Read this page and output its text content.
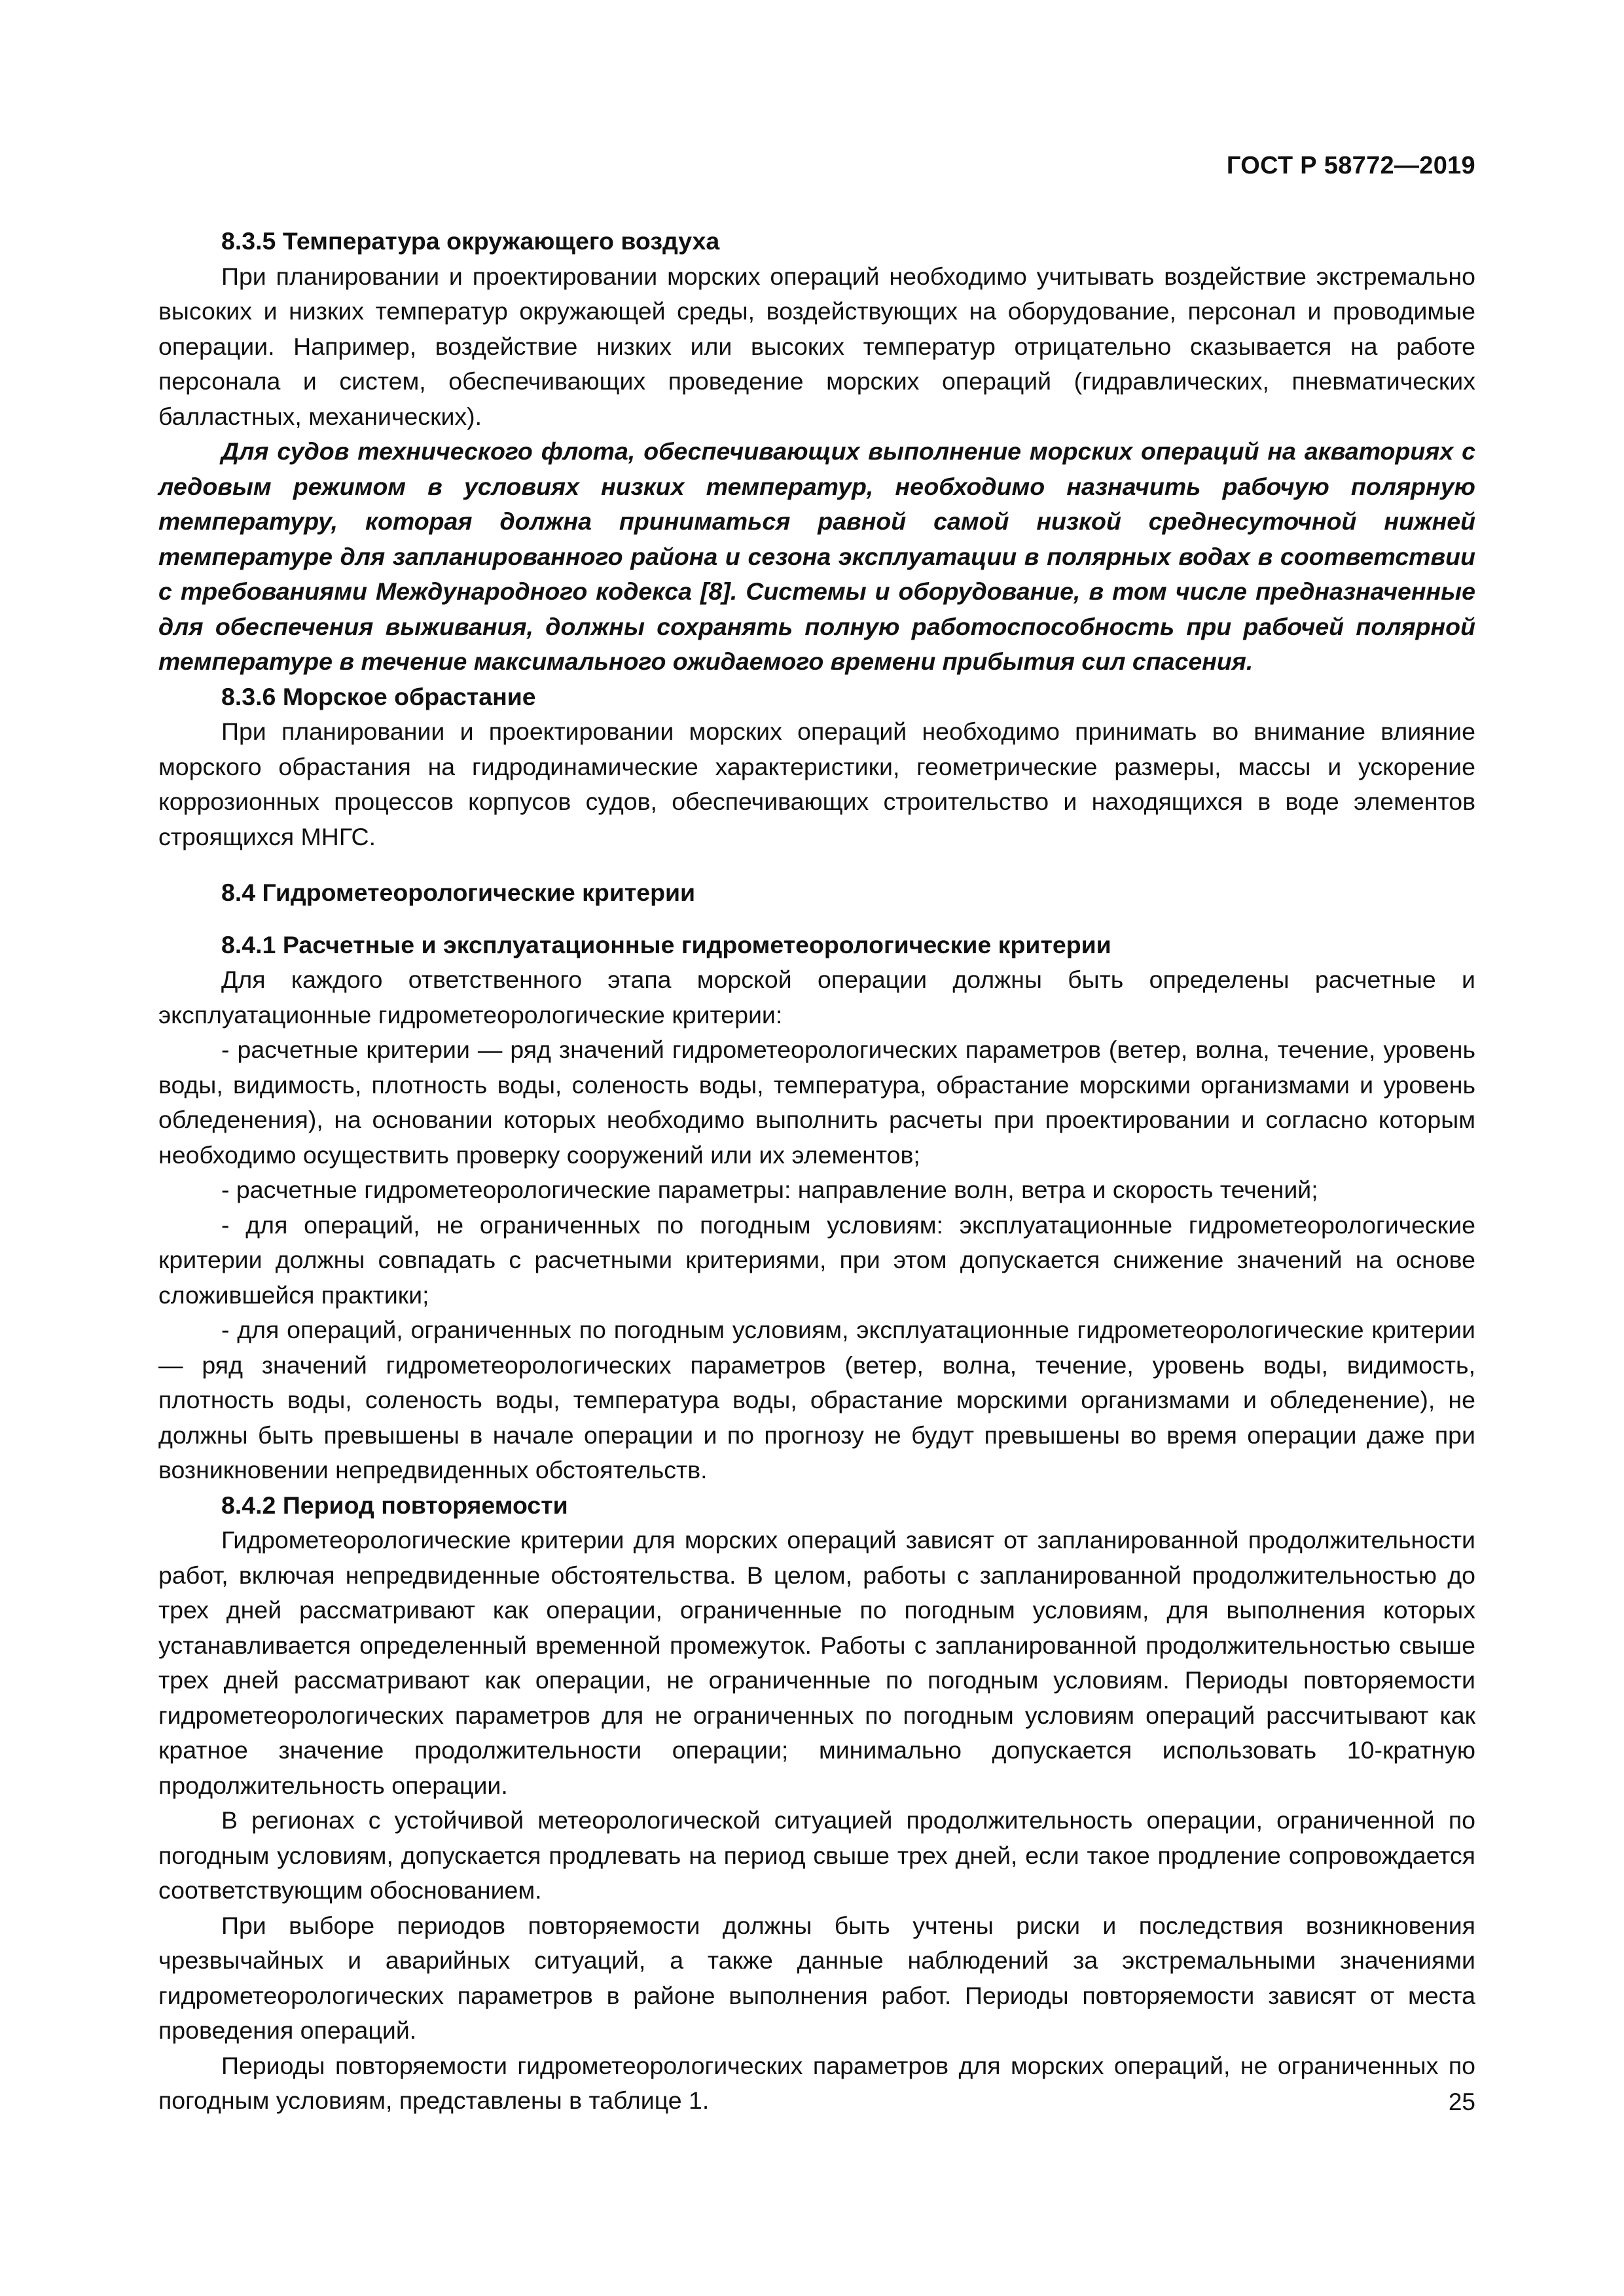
ГОСТ Р 58772—2019

8.3.5 Температура окружающего воздуха

При планировании и проектировании морских операций необходимо учитывать воздействие экстремально высоких и низких температур окружающей среды, воздействующих на оборудование, персонал и проводимые операции. Например, воздействие низких или высоких температур отрицательно сказывается на работе персонала и систем, обеспечивающих проведение морских операций (гидравлических, пневматических балластных, механических).

Для судов технического флота, обеспечивающих выполнение морских операций на акваториях с ледовым режимом в условиях низких температур, необходимо назначить рабочую полярную температуру, которая должна приниматься равной самой низкой среднесуточной нижней температуре для запланированного района и сезона эксплуатации в полярных водах в соответствии с требованиями Международного кодекса [8]. Системы и оборудование, в том числе предназначенные для обеспечения выживания, должны сохранять полную работоспособность при рабочей полярной температуре в течение максимального ожидаемого времени прибытия сил спасения.

8.3.6 Морское обрастание

При планировании и проектировании морских операций необходимо принимать во внимание влияние морского обрастания на гидродинамические характеристики, геометрические размеры, массы и ускорение коррозионных процессов корпусов судов, обеспечивающих строительство и находящихся в воде элементов строящихся МНГС.

8.4 Гидрометеорологические критерии

8.4.1 Расчетные и эксплуатационные гидрометеорологические критерии

Для каждого ответственного этапа морской операции должны быть определены расчетные и эксплуатационные гидрометеорологические критерии:

- расчетные критерии — ряд значений гидрометеорологических параметров (ветер, волна, течение, уровень воды, видимость, плотность воды, соленость воды, температура, обрастание морскими организмами и уровень обледенения), на основании которых необходимо выполнить расчеты при проектировании и согласно которым необходимо осуществить проверку сооружений или их элементов;

- расчетные гидрометеорологические параметры: направление волн, ветра и скорость течений;

- для операций, не ограниченных по погодным условиям: эксплуатационные гидрометеорологические критерии должны совпадать с расчетными критериями, при этом допускается снижение значений на основе сложившейся практики;

- для операций, ограниченных по погодным условиям, эксплуатационные гидрометеорологические критерии — ряд значений гидрометеорологических параметров (ветер, волна, течение, уровень воды, видимость, плотность воды, соленость воды, температура воды, обрастание морскими организмами и обледенение), не должны быть превышены в начале операции и по прогнозу не будут превышены во время операции даже при возникновении непредвиденных обстоятельств.

8.4.2 Период повторяемости

Гидрометеорологические критерии для морских операций зависят от запланированной продолжительности работ, включая непредвиденные обстоятельства. В целом, работы с запланированной продолжительностью до трех дней рассматривают как операции, ограниченные по погодным условиям, для выполнения которых устанавливается определенный временной промежуток. Работы с запланированной продолжительностью свыше трех дней рассматривают как операции, не ограниченные по погодным условиям. Периоды повторяемости гидрометеорологических параметров для не ограниченных по погодным условиям операций рассчитывают как кратное значение продолжительности операции; минимально допускается использовать 10-кратную продолжительность операции.

В регионах с устойчивой метеорологической ситуацией продолжительность операции, ограниченной по погодным условиям, допускается продлевать на период свыше трех дней, если такое продление сопровождается соответствующим обоснованием.

При выборе периодов повторяемости должны быть учтены риски и последствия возникновения чрезвычайных и аварийных ситуаций, а также данные наблюдений за экстремальными значениями гидрометеорологических параметров в районе выполнения работ. Периоды повторяемости зависят от места проведения операций.

Периоды повторяемости гидрометеорологических параметров для морских операций, не ограниченных по погодным условиям, представлены в таблице 1.	25
